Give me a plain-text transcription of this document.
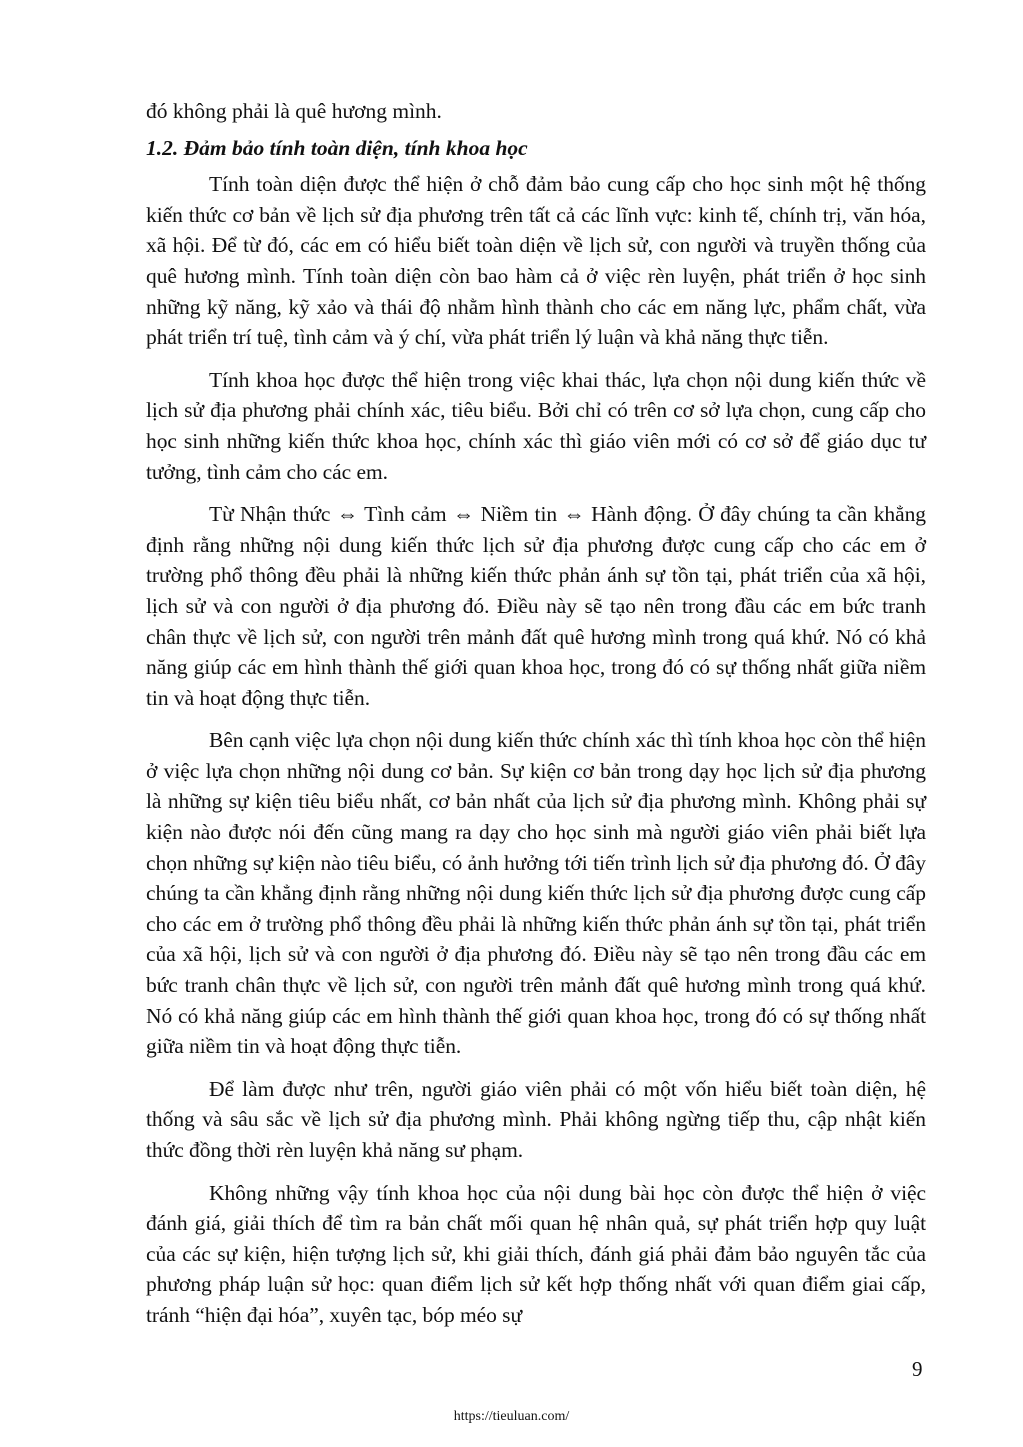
đó không phải là quê hương mình.

1.2. Đảm bảo tính toàn diện, tính khoa học

Tính toàn diện được thể hiện ở chỗ đảm bảo cung cấp cho học sinh một hệ thống kiến thức cơ bản về lịch sử địa phương trên tất cả các lĩnh vực: kinh tế, chính trị, văn hóa, xã hội. Để từ đó, các em có hiểu biết toàn diện về lịch sử, con người và truyền thống của quê hương mình. Tính toàn diện còn bao hàm cả ở việc rèn luyện, phát triển ở học sinh những kỹ năng, kỹ xảo và thái độ nhằm hình thành cho các em năng lực, phẩm chất, vừa phát triển trí tuệ, tình cảm và ý chí, vừa phát triển lý luận và khả năng thực tiễn.

Tính khoa học được thể hiện trong việc khai thác, lựa chọn nội dung kiến thức về lịch sử địa phương phải chính xác, tiêu biểu. Bởi chỉ có trên cơ sở lựa chọn, cung cấp cho học sinh những kiến thức khoa học, chính xác thì giáo viên mới có cơ sở để giáo dục tư tưởng, tình cảm cho các em.

Từ Nhận thức ⇔ Tình cảm ⇔ Niềm tin ⇔ Hành động. Ở đây chúng ta cần khẳng định rằng những nội dung kiến thức lịch sử địa phương được cung cấp cho các em ở trường phổ thông đều phải là những kiến thức phản ánh sự tồn tại, phát triển của xã hội, lịch sử và con người ở địa phương đó. Điều này sẽ tạo nên trong đầu các em bức tranh chân thực về lịch sử, con người trên mảnh đất quê hương mình trong quá khứ. Nó có khả năng giúp các em hình thành thế giới quan khoa học, trong đó có sự thống nhất giữa niềm tin và hoạt động thực tiễn.

Bên cạnh việc lựa chọn nội dung kiến thức chính xác thì tính khoa học còn thể hiện ở việc lựa chọn những nội dung cơ bản. Sự kiện cơ bản trong dạy học lịch sử địa phương là những sự kiện tiêu biểu nhất, cơ bản nhất của lịch sử địa phương mình. Không phải sự kiện nào được nói đến cũng mang ra dạy cho học sinh mà người giáo viên phải biết lựa chọn những sự kiện nào tiêu biểu, có ảnh hưởng tới tiến trình lịch sử địa phương đó. Ở đây chúng ta cần khẳng định rằng những nội dung kiến thức lịch sử địa phương được cung cấp cho các em ở trường phổ thông đều phải là những kiến thức phản ánh sự tồn tại, phát triển của xã hội, lịch sử và con người ở địa phương đó. Điều này sẽ tạo nên trong đầu các em bức tranh chân thực về lịch sử, con người trên mảnh đất quê hương mình trong quá khứ. Nó có khả năng giúp các em hình thành thế giới quan khoa học, trong đó có sự thống nhất giữa niềm tin và hoạt động thực tiễn.

Để làm được như trên, người giáo viên phải có một vốn hiểu biết toàn diện, hệ thống và sâu sắc về lịch sử địa phương mình. Phải không ngừng tiếp thu, cập nhật kiến thức đồng thời rèn luyện khả năng sư phạm.

Không những vậy tính khoa học của nội dung bài học còn được thể hiện ở việc đánh giá, giải thích để tìm ra bản chất mối quan hệ nhân quả, sự phát triển hợp quy luật của các sự kiện, hiện tượng lịch sử, khi giải thích, đánh giá phải đảm bảo nguyên tắc của phương pháp luận sử học: quan điểm lịch sử kết hợp thống nhất với quan điểm giai cấp, tránh “hiện đại hóa”, xuyên tạc, bóp méo sự

9

https://tieuluan.com/
